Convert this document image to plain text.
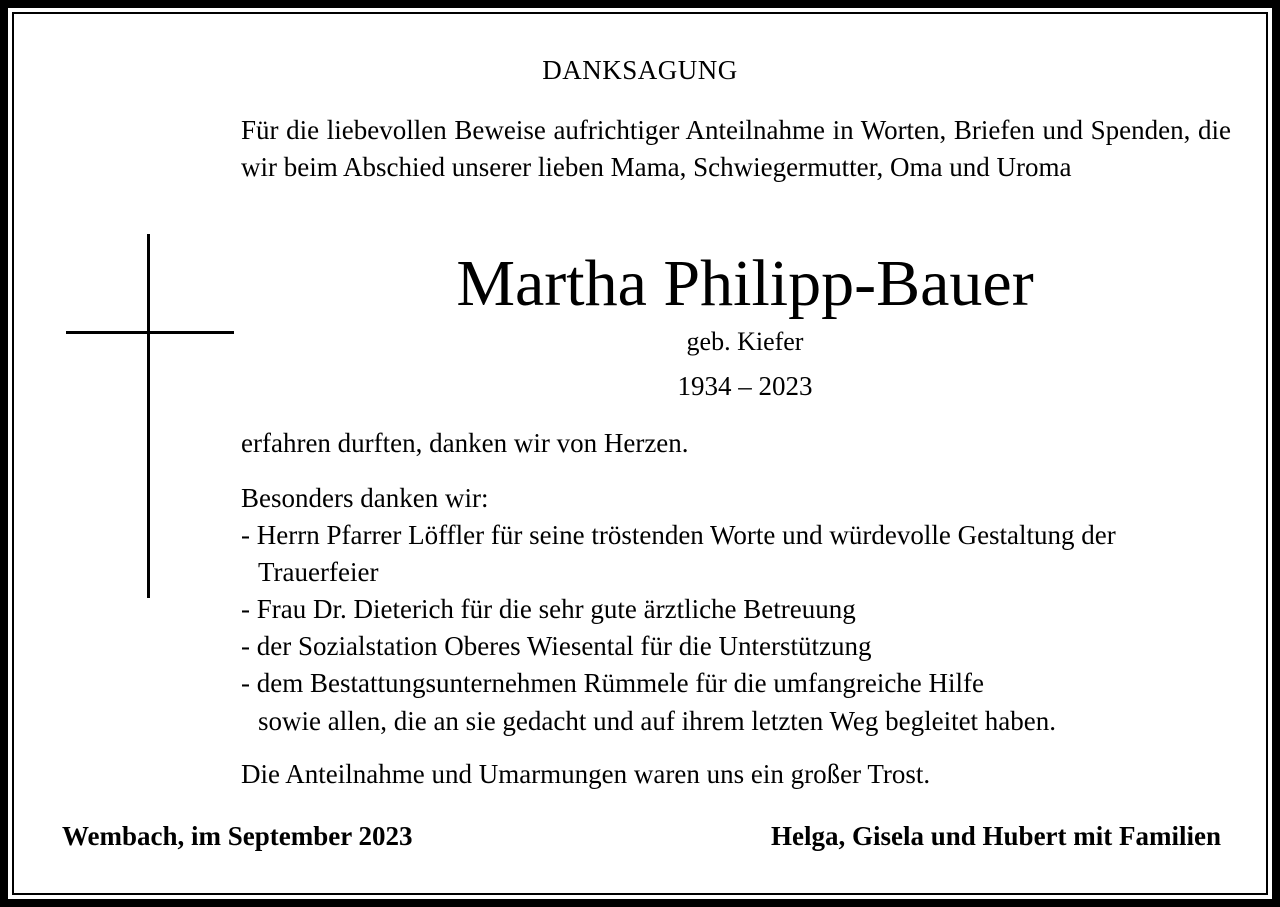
DANKSAGUNG

Für die liebevollen Beweise aufrichtiger Anteilnahme in Worten, Briefen und Spenden, die wir beim Abschied unserer lieben Mama, Schwiegermutter, Oma und Uroma

Martha Philipp-Bauer
geb. Kiefer
1934 – 2023

erfahren durften, danken wir von Herzen.

Besonders danken wir:

- Herrn Pfarrer Löffler für seine tröstenden Worte und würdevolle Gestaltung der Trauerfeier
- Frau Dr. Dieterich für die sehr gute ärztliche Betreuung
- der Sozialstation Oberes Wiesental für die Unterstützung
- dem Bestattungsunternehmen Rümmele für die umfangreiche Hilfe
sowie allen, die an sie gedacht und auf ihrem letzten Weg begleitet haben.

Die Anteilnahme und Umarmungen waren uns ein großer Trost.

Wembach, im September 2023	Helga, Gisela und Hubert mit Familien
